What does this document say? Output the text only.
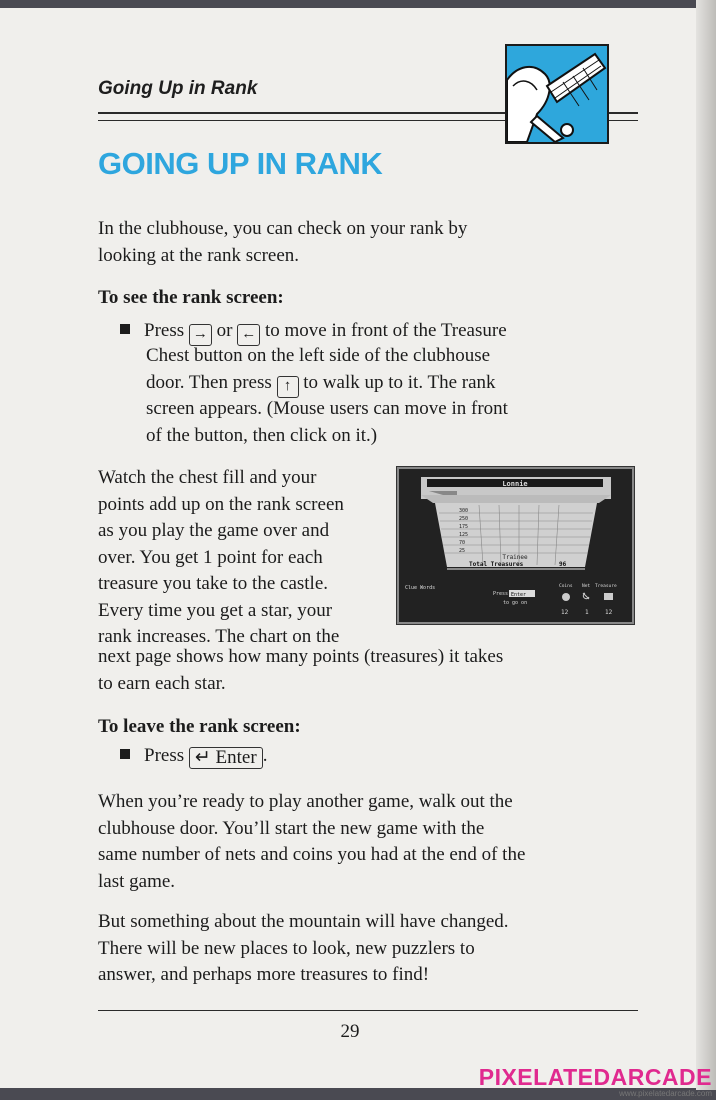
Going Up in Rank
GOING UP IN RANK

In the clubhouse, you can check on your rank by

looking at the rank screen.

To see the rank screen:

Press → or ← to move in front of the Treasure

Chest button on the left side of the clubhouse

door. Then press ↑ to walk up to it. The rank

screen appears. (Mouse users can move in front

of the button, then click on it.)

Watch the chest fill and your

points add up on the rank screen

as you play the game over and

over. You get 1 point for each

treasure you take to the castle.

Every time you get a star, your

rank increases. The chart on the

next page shows how many points (treasures) it takes

to earn each star.

Lonnie
300
250
175
125
70
25
Trainee
Total Treasures	96
Clue Words
Press Enter
to go on
Coins Net Treasure
12	1	12

To leave the rank screen:

Press ↵ Enter .

When you’re ready to play another game, walk out the

clubhouse door. You’ll start the new game with the

same number of nets and coins you had at the end of the

last game.

But something about the mountain will have changed.

There will be new places to look, new puzzlers to

answer, and perhaps more treasures to find!

29
PIXELATEDARCADE
www.pixelatedarcade.com
